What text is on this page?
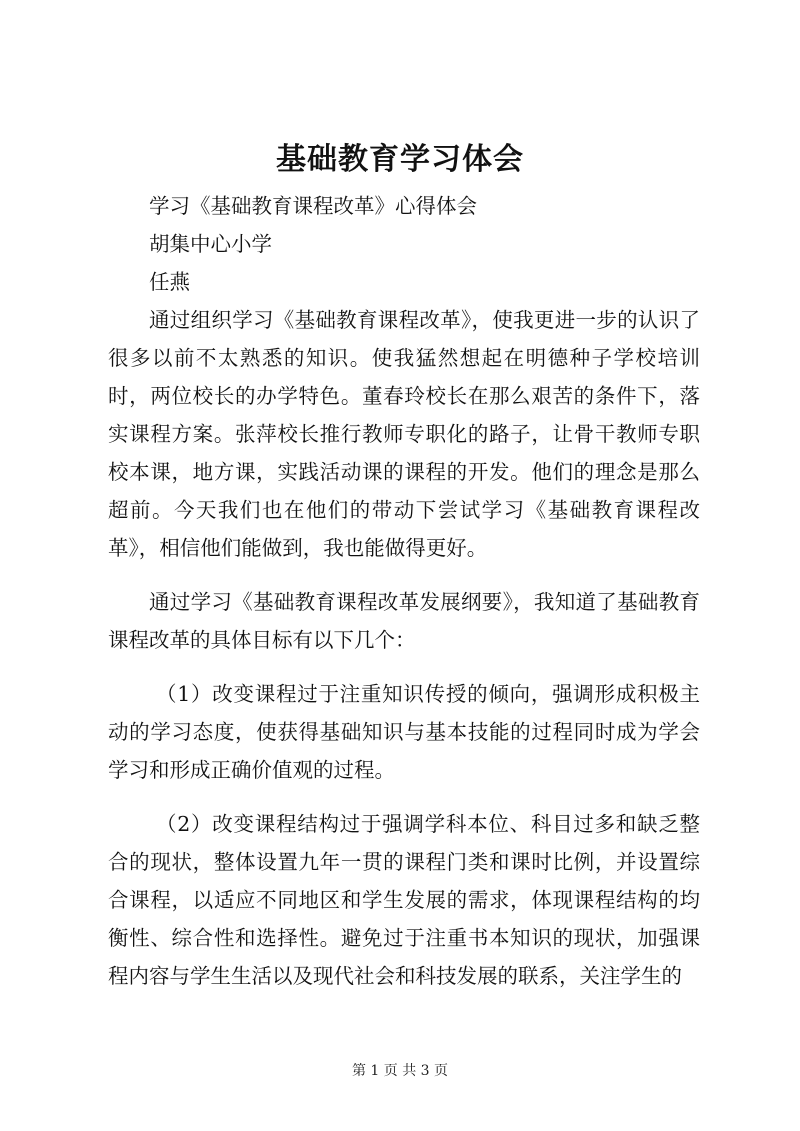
基础教育学习体会

学习《基础教育课程改革》心得体会

胡集中心小学

任燕

通过组织学习《基础教育课程改革》，使我更进一步的认识了很多以前不太熟悉的知识。使我猛然想起在明德种子学校培训时，两位校长的办学特色。董春玲校长在那么艰苦的条件下，落实课程方案。张萍校长推行教师专职化的路子，让骨干教师专职校本课，地方课，实践活动课的课程的开发。他们的理念是那么超前。今天我们也在他们的带动下尝试学习《基础教育课程改革》，相信他们能做到，我也能做得更好。

通过学习《基础教育课程改革发展纲要》，我知道了基础教育课程改革的具体目标有以下几个：

（1）改变课程过于注重知识传授的倾向，强调形成积极主动的学习态度，使获得基础知识与基本技能的过程同时成为学会学习和形成正确价值观的过程。

（2）改变课程结构过于强调学科本位、科目过多和缺乏整合的现状，整体设置九年一贯的课程门类和课时比例，并设置综合课程，以适应不同地区和学生发展的需求，体现课程结构的均衡性、综合性和选择性。避免过于注重书本知识的现状，加强课程内容与学生生活以及现代社会和科技发展的联系，关注学生的

第 1 页 共 3 页
